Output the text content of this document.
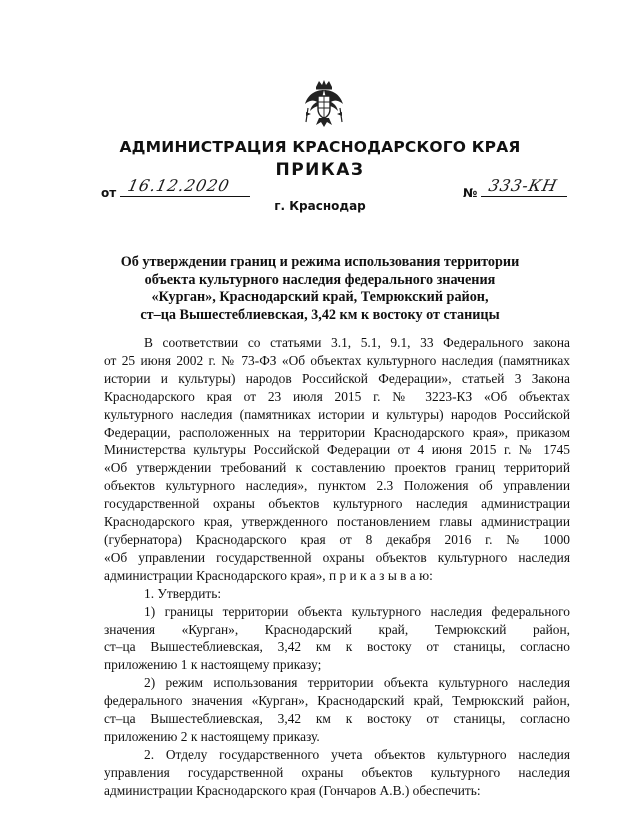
АДМИНИСТРАЦИЯ КРАСНОДАРСКОГО КРАЯ
ПРИКАЗ
от 16.12.2020	№ 333-КН
г. Краснодар
Об утверждении границ и режима использования территории
объекта культурного наследия федерального значения
«Курган», Краснодарский край, Темрюкский район,
ст–ца Вышестеблиевская, 3,42 км к востоку от станицы
В соответствии со статьями 3.1, 5.1, 9.1, 33 Федерального закона
от 25 июня 2002 г. № 73-ФЗ «Об объектах культурного наследия (памятниках
истории и культуры) народов Российской Федерации», статьей 3 Закона
Краснодарского края от 23 июля 2015 г. № 3223-КЗ «Об объектах
культурного наследия (памятниках истории и культуры) народов Российской
Федерации, расположенных на территории Краснодарского края», приказом
Министерства культуры Российской Федерации от 4 июня 2015 г. № 1745
«Об утверждении требований к составлению проектов границ территорий
объектов культурного наследия», пунктом 2.3 Положения об управлении
государственной охраны объектов культурного наследия администрации
Краснодарского края, утвержденного постановлением главы администрации
(губернатора) Краснодарского края от 8 декабря 2016 г. № 1000
«Об управлении государственной охраны объектов культурного наследия
администрации Краснодарского края», п р и к а з ы в а ю:
1. Утвердить:
1) границы территории объекта культурного наследия федерального
значения «Курган», Краснодарский край, Темрюкский район,
ст–ца Вышестеблиевская, 3,42 км к востоку от станицы, согласно
приложению 1 к настоящему приказу;
2) режим использования территории объекта культурного наследия
федерального значения «Курган», Краснодарский край, Темрюкский район,
ст–ца Вышестеблиевская, 3,42 км к востоку от станицы, согласно
приложению 2 к настоящему приказу.
2. Отделу государственного учета объектов культурного наследия
управления государственной охраны объектов культурного наследия
администрации Краснодарского края (Гончаров А.В.) обеспечить:
